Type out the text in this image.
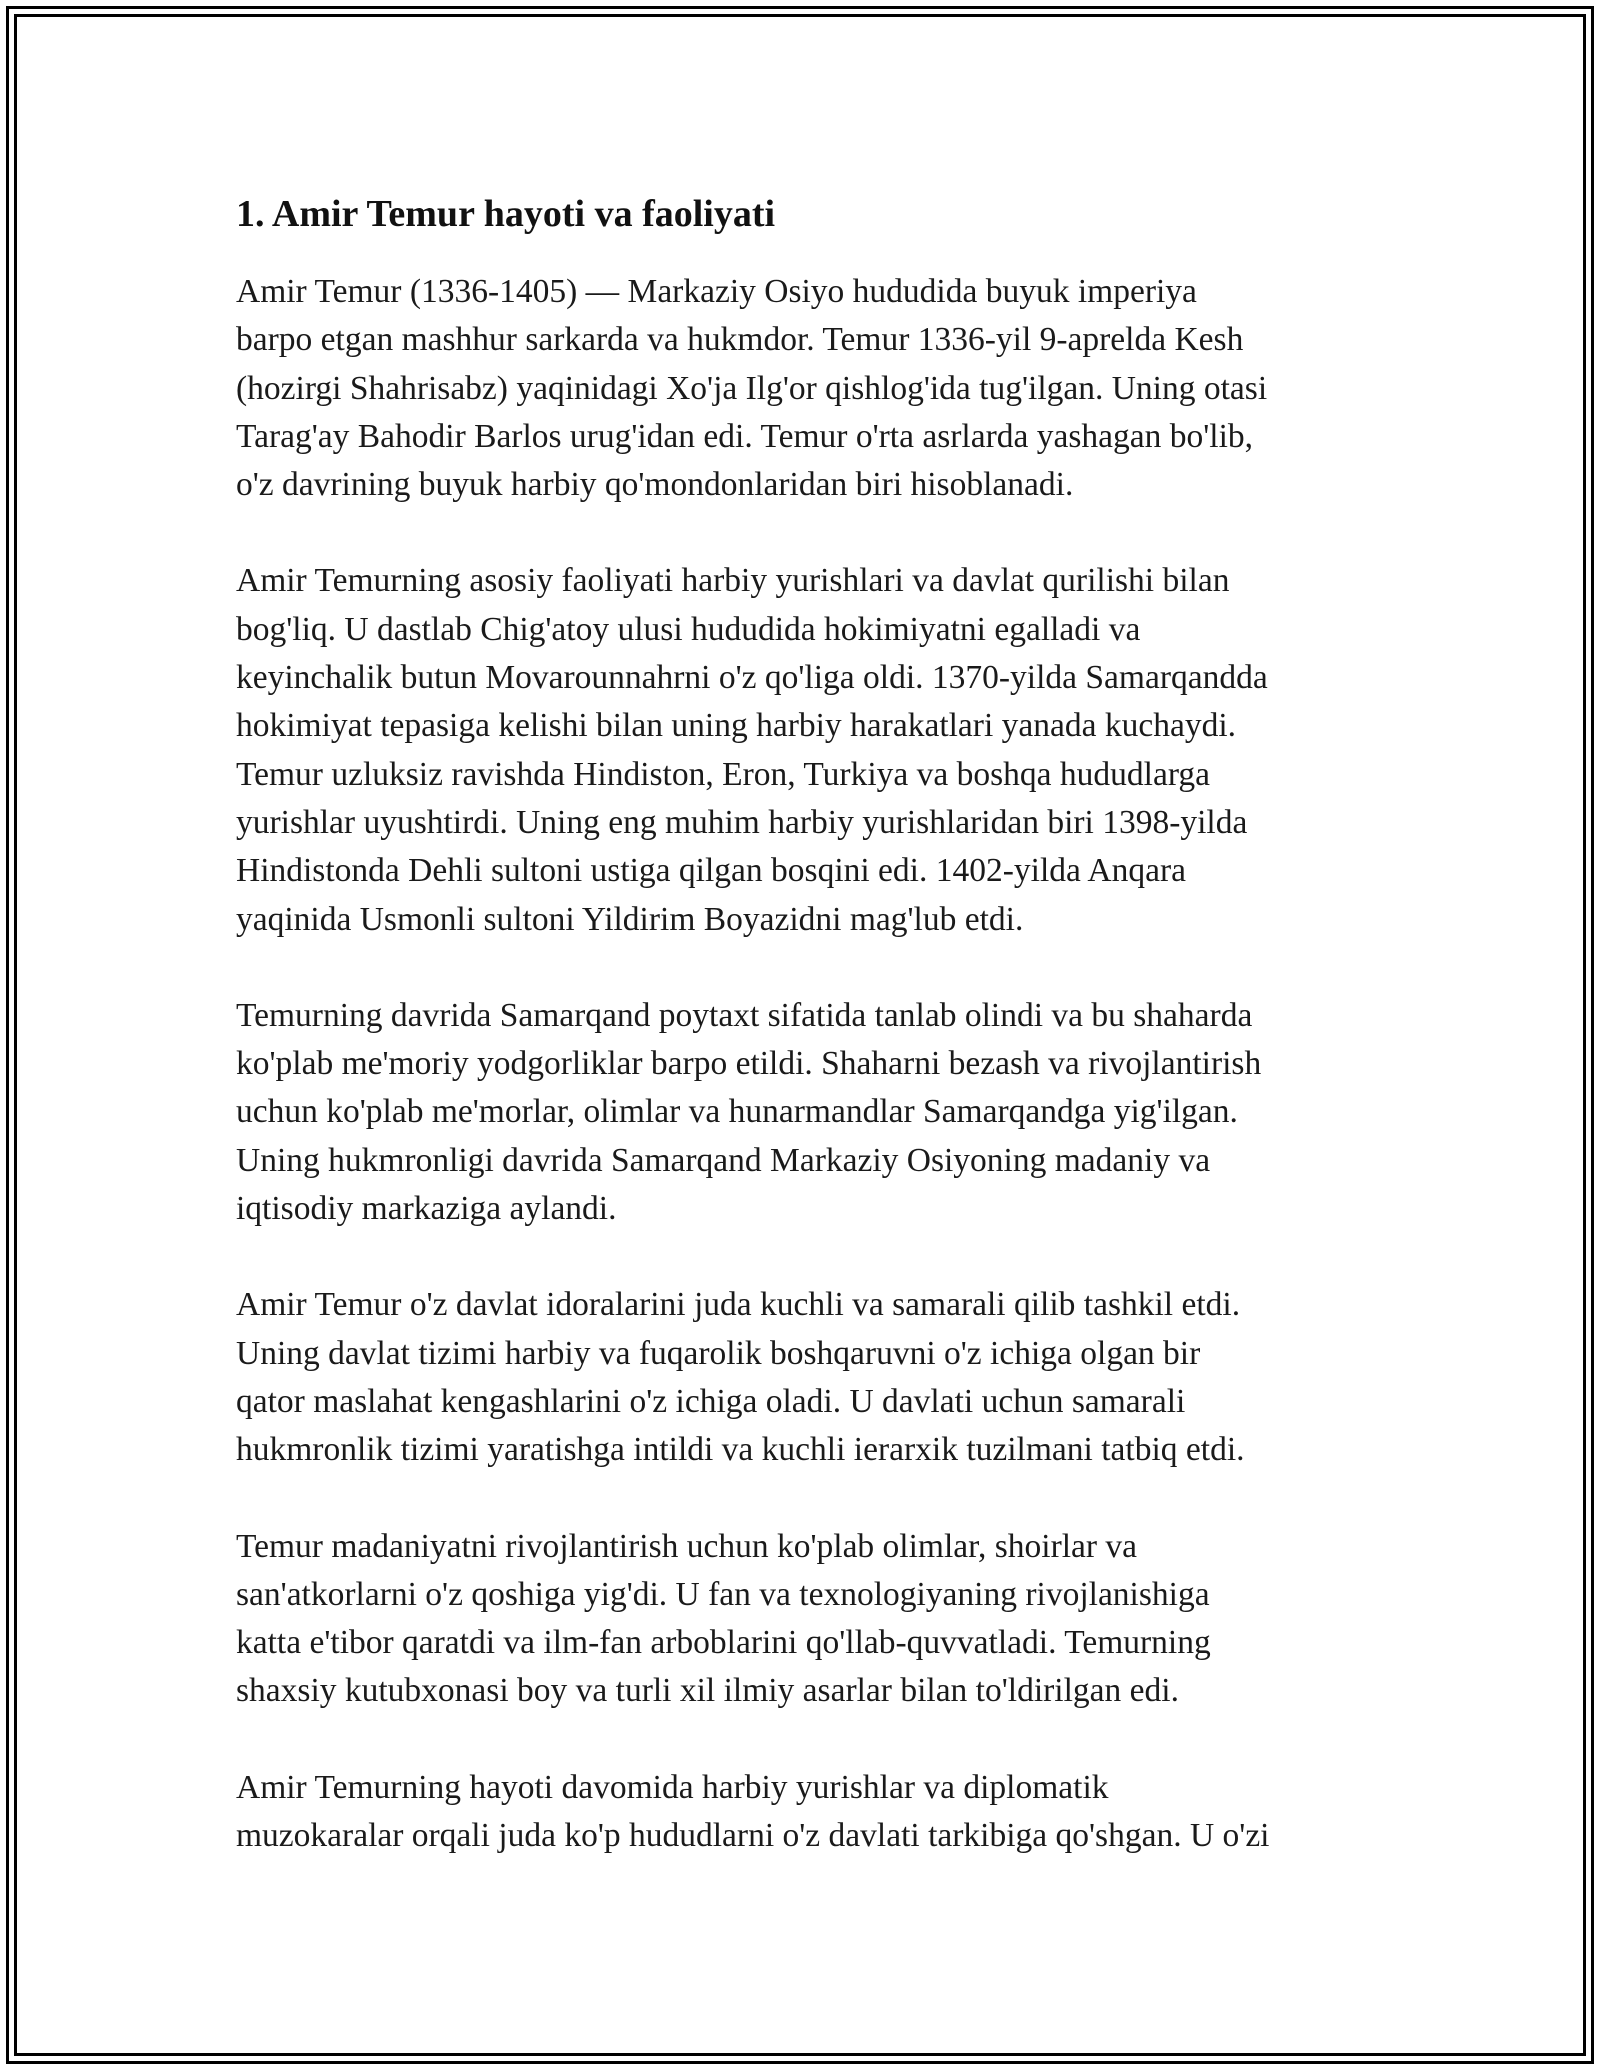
1. Amir Temur hayoti va faoliyati

Amir Temur (1336-1405) — Markaziy Osiyo hududida buyuk imperiya
barpo etgan mashhur sarkarda va hukmdor. Temur 1336-yil 9-aprelda Kesh
(hozirgi Shahrisabz) yaqinidagi Xo'ja Ilg'or qishlog'ida tug'ilgan. Uning otasi
Tarag'ay Bahodir Barlos urug'idan edi. Temur o'rta asrlarda yashagan bo'lib,
o'z davrining buyuk harbiy qo'mondonlaridan biri hisoblanadi.

Amir Temurning asosiy faoliyati harbiy yurishlari va davlat qurilishi bilan
bog'liq. U dastlab Chig'atoy ulusi hududida hokimiyatni egalladi va
keyinchalik butun Movarounnahrni o'z qo'liga oldi. 1370-yilda Samarqandda
hokimiyat tepasiga kelishi bilan uning harbiy harakatlari yanada kuchaydi.
Temur uzluksiz ravishda Hindiston, Eron, Turkiya va boshqa hududlarga
yurishlar uyushtirdi. Uning eng muhim harbiy yurishlaridan biri 1398-yilda
Hindistonda Dehli sultoni ustiga qilgan bosqini edi. 1402-yilda Anqara
yaqinida Usmonli sultoni Yildirim Boyazidni mag'lub etdi.

Temurning davrida Samarqand poytaxt sifatida tanlab olindi va bu shaharda
ko'plab me'moriy yodgorliklar barpo etildi. Shaharni bezash va rivojlantirish
uchun ko'plab me'morlar, olimlar va hunarmandlar Samarqandga yig'ilgan.
Uning hukmronligi davrida Samarqand Markaziy Osiyoning madaniy va
iqtisodiy markaziga aylandi.

Amir Temur o'z davlat idoralarini juda kuchli va samarali qilib tashkil etdi.
Uning davlat tizimi harbiy va fuqarolik boshqaruvni o'z ichiga olgan bir
qator maslahat kengashlarini o'z ichiga oladi. U davlati uchun samarali
hukmronlik tizimi yaratishga intildi va kuchli ierarxik tuzilmani tatbiq etdi.

Temur madaniyatni rivojlantirish uchun ko'plab olimlar, shoirlar va
san'atkorlarni o'z qoshiga yig'di. U fan va texnologiyaning rivojlanishiga
katta e'tibor qaratdi va ilm-fan arboblarini qo'llab-quvvatladi. Temurning
shaxsiy kutubxonasi boy va turli xil ilmiy asarlar bilan to'ldirilgan edi.

Amir Temurning hayoti davomida harbiy yurishlar va diplomatik
muzokaralar orqali juda ko'p hududlarni o'z davlati tarkibiga qo'shgan. U o'zi
